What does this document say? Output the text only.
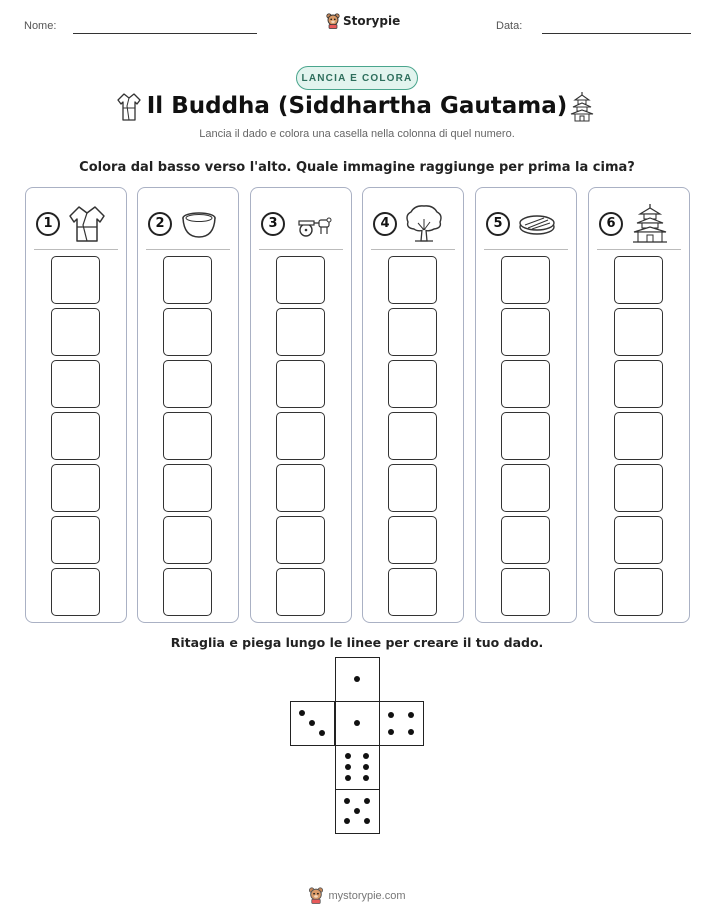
Nome:	Storypie	Data:
LANCIA E COLORA
Il Buddha (Siddhartha Gautama)
Lancia il dado e colora una casella nella colonna di quel numero.
Colora dal basso verso l'alto. Quale immagine raggiunge per prima la cima?
1	2	3	4	5	6
Ritaglia e piega lungo le linee per creare il tuo dado.
mystorypie.com
